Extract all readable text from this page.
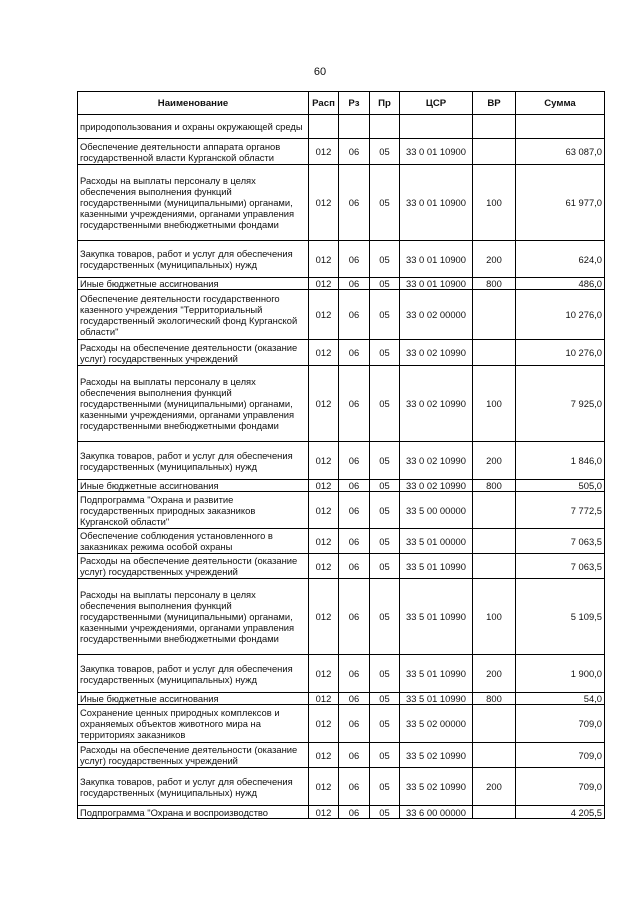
60
Наименование	Расп	Рз	Пр	ЦСР	ВР	Сумма
природопользования и охраны окружающей среды						
Обеспечение деятельности аппарата органов государственной власти Курганской области	012	06	05	33 0 01 10900		63 087,0
Расходы на выплаты персоналу в целях обеспечения выполнения функций государственными (муниципальными) органами, казенными учреждениями, органами управления государственными внебюджетными фондами	012	06	05	33 0 01 10900	100	61 977,0
Закупка товаров, работ и услуг для обеспечения государственных (муниципальных) нужд	012	06	05	33 0 01 10900	200	624,0
Иные бюджетные ассигнования	012	06	05	33 0 01 10900	800	486,0
Обеспечение деятельности государственного казенного учреждения "Территориальный государственный экологический фонд Курганской области"	012	06	05	33 0 02 00000		10 276,0
Расходы на обеспечение деятельности (оказание услуг) государственных учреждений	012	06	05	33 0 02 10990		10 276,0
Расходы на выплаты персоналу в целях обеспечения выполнения функций государственными (муниципальными) органами, казенными учреждениями, органами управления государственными внебюджетными фондами	012	06	05	33 0 02 10990	100	7 925,0
Закупка товаров, работ и услуг для обеспечения государственных (муниципальных) нужд	012	06	05	33 0 02 10990	200	1 846,0
Иные бюджетные ассигнования	012	06	05	33 0 02 10990	800	505,0
Подпрограмма "Охрана и развитие государственных природных заказников Курганской области"	012	06	05	33 5 00 00000		7 772,5
Обеспечение соблюдения установленного в заказниках режима особой охраны	012	06	05	33 5 01 00000		7 063,5
Расходы на обеспечение деятельности (оказание услуг) государственных учреждений	012	06	05	33 5 01 10990		7 063,5
Расходы на выплаты персоналу в целях обеспечения выполнения функций государственными (муниципальными) органами, казенными учреждениями, органами управления государственными внебюджетными фондами	012	06	05	33 5 01 10990	100	5 109,5
Закупка товаров, работ и услуг для обеспечения государственных (муниципальных) нужд	012	06	05	33 5 01 10990	200	1 900,0
Иные бюджетные ассигнования	012	06	05	33 5 01 10990	800	54,0
Сохранение ценных природных комплексов и охраняемых объектов животного мира на территориях заказников	012	06	05	33 5 02 00000		709,0
Расходы на обеспечение деятельности (оказание услуг) государственных учреждений	012	06	05	33 5 02 10990		709,0
Закупка товаров, работ и услуг для обеспечения государственных (муниципальных) нужд	012	06	05	33 5 02 10990	200	709,0
Подпрограмма "Охрана и воспроизводство	012	06	05	33 6 00 00000		4 205,5
